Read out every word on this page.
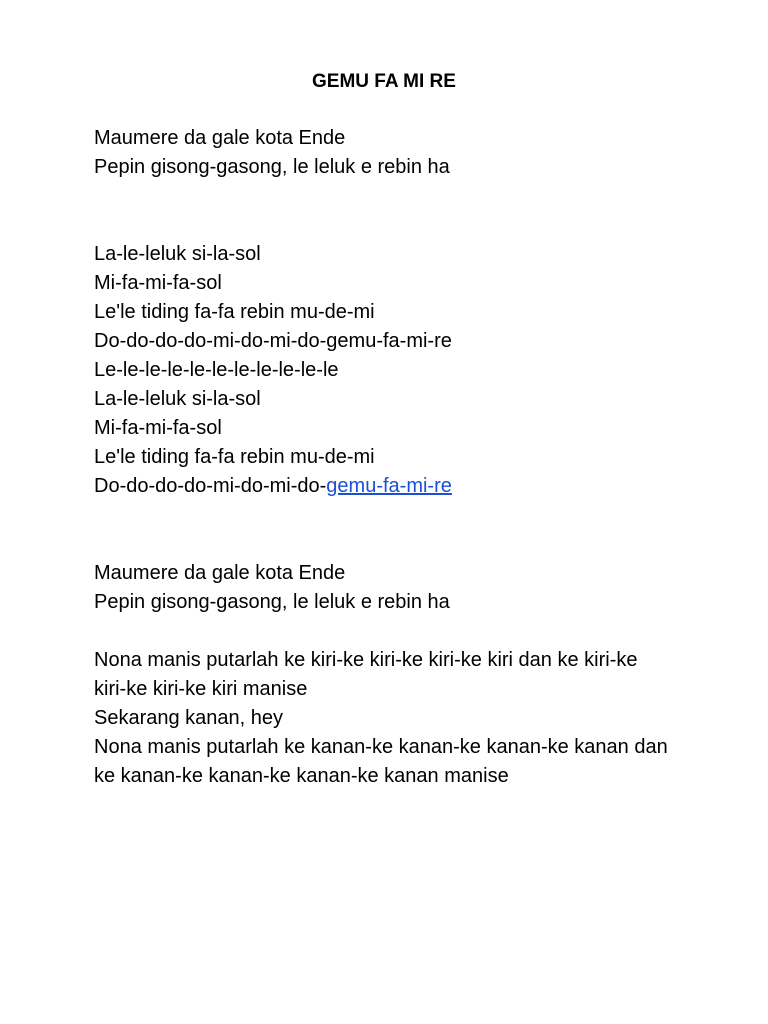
GEMU FA MI RE
Maumere da gale kota Ende
Pepin gisong-gasong, le leluk e rebin ha
La-le-leluk si-la-sol
Mi-fa-mi-fa-sol
Le'le tiding fa-fa rebin mu-de-mi
Do-do-do-do-mi-do-mi-do-gemu-fa-mi-re
Le-le-le-le-le-le-le-le-le-le-le
La-le-leluk si-la-sol
Mi-fa-mi-fa-sol
Le'le tiding fa-fa rebin mu-de-mi
Do-do-do-do-mi-do-mi-do-gemu-fa-mi-re
Maumere da gale kota Ende
Pepin gisong-gasong, le leluk e rebin ha
Nona manis putarlah ke kiri-ke kiri-ke kiri-ke kiri dan ke kiri-ke kiri-ke kiri-ke kiri manise
Sekarang kanan, hey
Nona manis putarlah ke kanan-ke kanan-ke kanan-ke kanan dan ke kanan-ke kanan-ke kanan-ke kanan manise
